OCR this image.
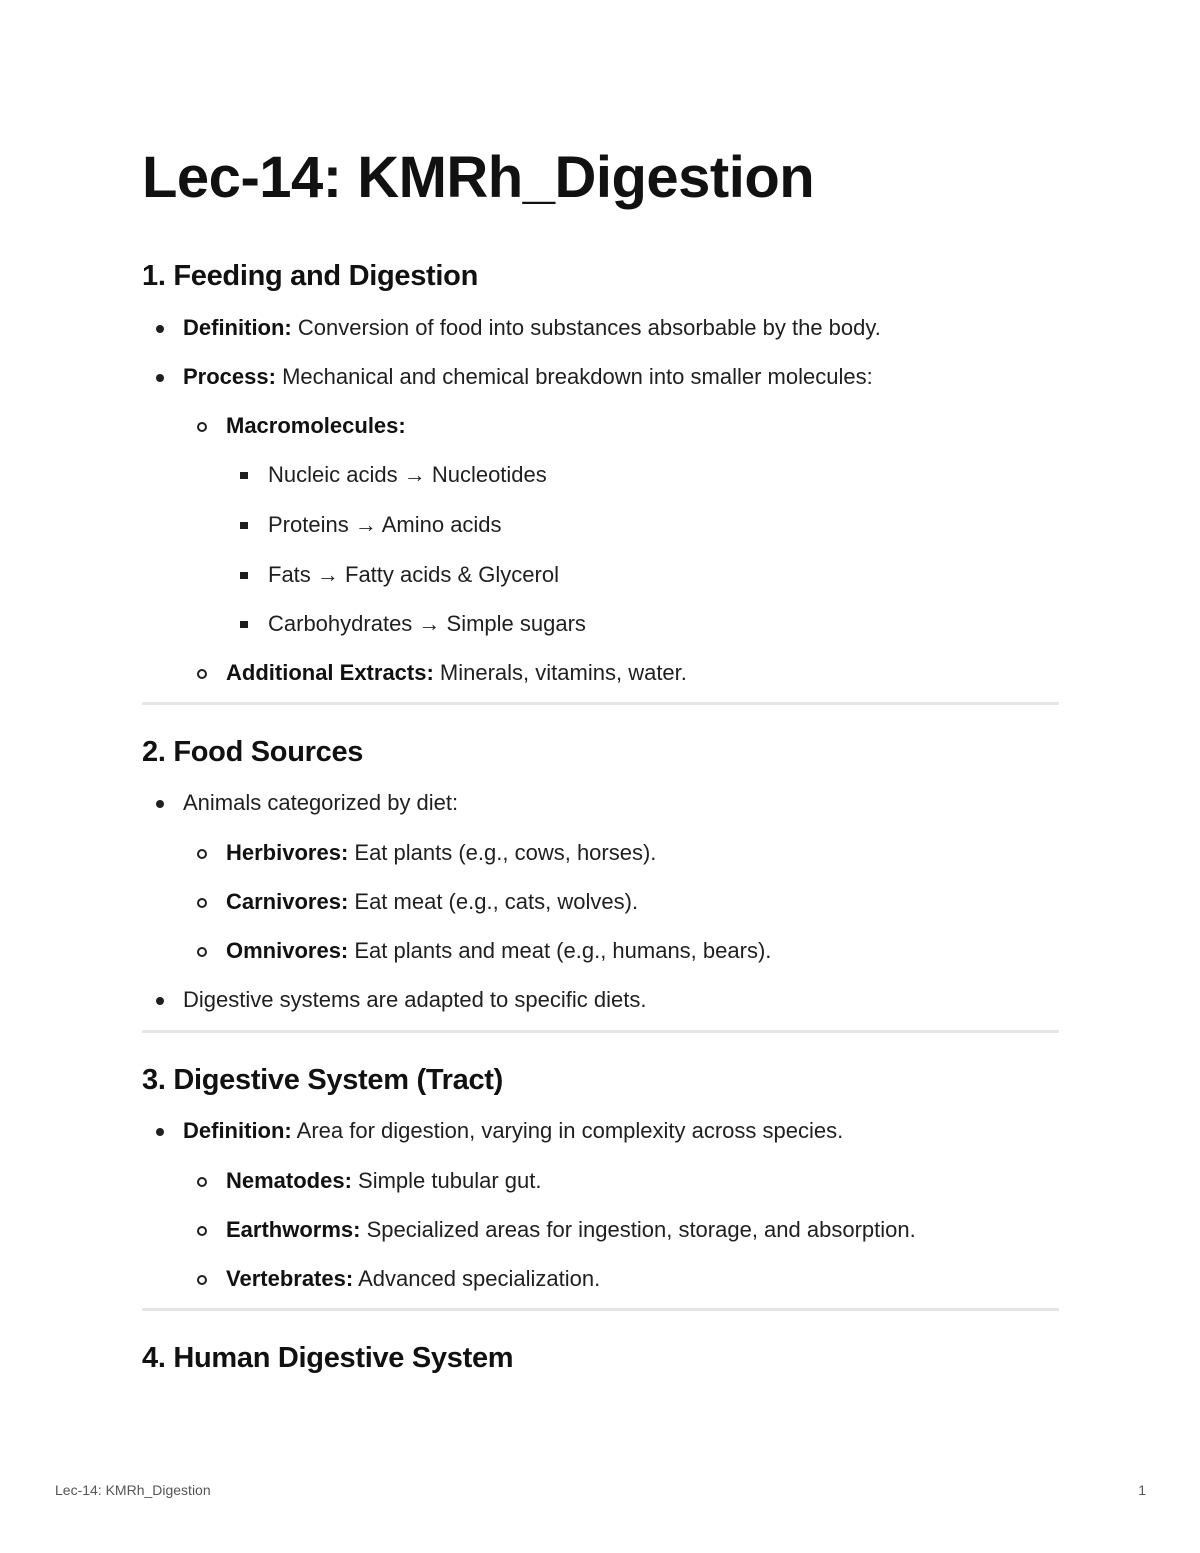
Lec-14: KMRh_Digestion
1. Feeding and Digestion
Definition: Conversion of food into substances absorbable by the body.
Process: Mechanical and chemical breakdown into smaller molecules:
Macromolecules:
Nucleic acids → Nucleotides
Proteins → Amino acids
Fats → Fatty acids & Glycerol
Carbohydrates → Simple sugars
Additional Extracts: Minerals, vitamins, water.
2. Food Sources
Animals categorized by diet:
Herbivores: Eat plants (e.g., cows, horses).
Carnivores: Eat meat (e.g., cats, wolves).
Omnivores: Eat plants and meat (e.g., humans, bears).
Digestive systems are adapted to specific diets.
3. Digestive System (Tract)
Definition: Area for digestion, varying in complexity across species.
Nematodes: Simple tubular gut.
Earthworms: Specialized areas for ingestion, storage, and absorption.
Vertebrates: Advanced specialization.
4. Human Digestive System
Lec-14: KMRh_Digestion	1
